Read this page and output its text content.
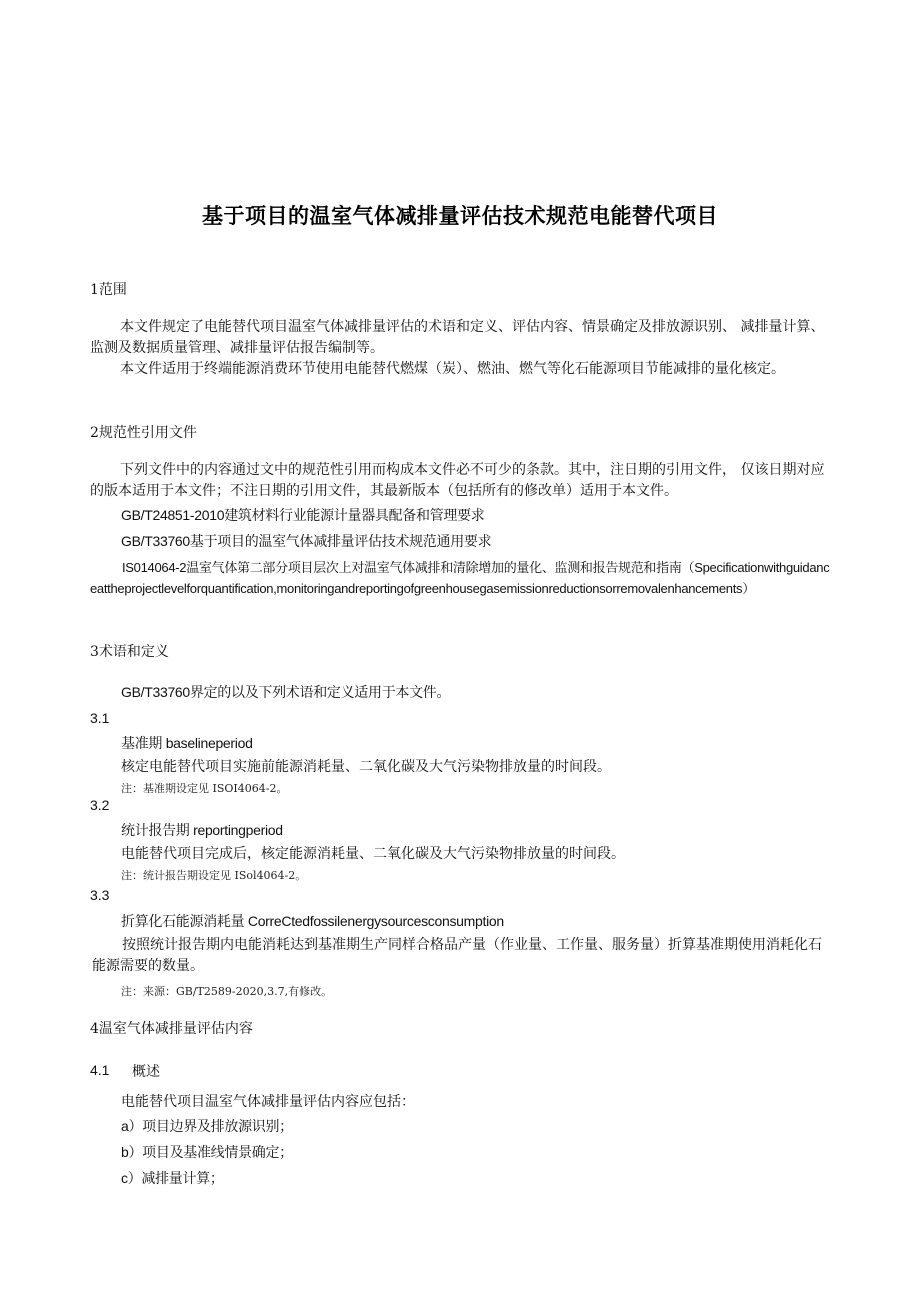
基于项目的温室气体减排量评估技术规范电能替代项目
1范围
本文件规定了电能替代项目温室气体减排量评估的术语和定义、评估内容、情景确定及排放源识别、 减排量计算、监测及数据质量管理、减排量评估报告编制等。
本文件适用于终端能源消费环节使用电能替代燃煤（炭）、燃油、燃气等化石能源项目节能减排的量化核定。
2规范性引用文件
下列文件中的内容通过文中的规范性引用而构成本文件必不可少的条款。其中，注日期的引用文件， 仅该日期对应的版本适用于本文件；不注日期的引用文件，其最新版本（包括所有的修改单）适用于本文件。
GB/T24851-2010建筑材料行业能源计量器具配备和管理要求
GB/T33760基于项目的温室气体减排量评估技术规范通用要求
IS014064-2温室气体第二部分项目层次上对温室气体减排和清除增加的量化、监测和报告规范和指南（Specificationwithguidanceattheprojectlevelforquantification,monitoringandreportingofgreenhousegasemissionreductionsorremovalenhancements）
3术语和定义
GB/T33760界定的以及下列术语和定义适用于本文件。
3.1
基准期 baselineperiod
核定电能替代项目实施前能源消耗量、二氧化碳及大气污染物排放量的时间段。
注：基准期设定见 ISOI4064-2。
3.2
统计报告期 reportingperiod
电能替代项目完成后，核定能源消耗量、二氧化碳及大气污染物排放量的时间段。
注：统计报告期设定见 ISol4064-2。
3.3
折算化石能源消耗量 CorreCtedfossilenergysourcesconsumption
按照统计报告期内电能消耗达到基准期生产同样合格品产量（作业量、工作量、服务量）折算基准期使用消耗化石能源需要的数量。
注：来源：GB/T2589-2020,3.7,有修改。
4温室气体减排量评估内容
4.1 概述
电能替代项目温室气体减排量评估内容应包括：
a）项目边界及排放源识别；
b）项目及基准线情景确定；
c）减排量计算；
